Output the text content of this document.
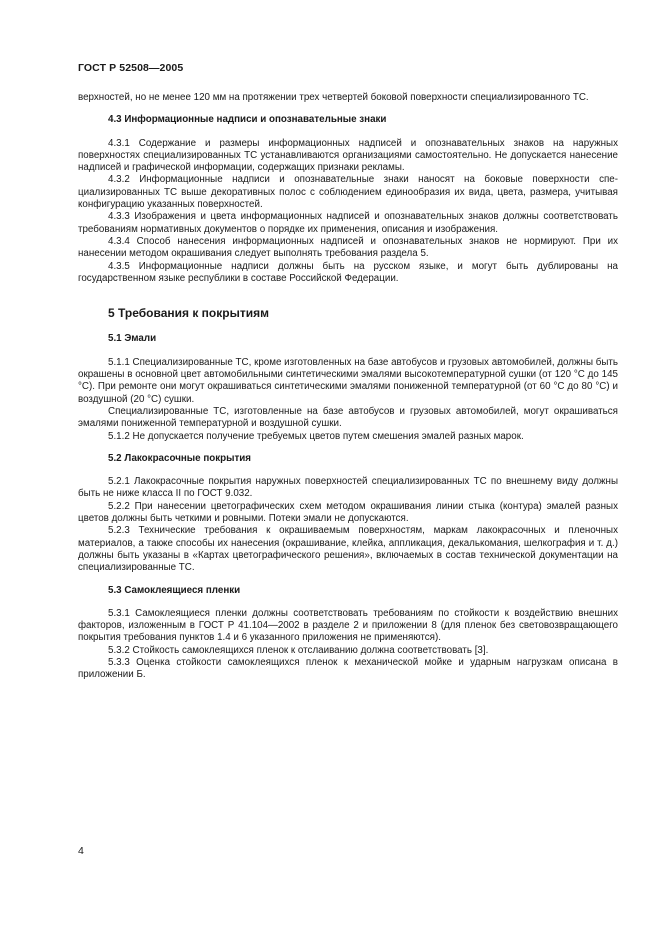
ГОСТ Р 52508—2005

верхностей, но не менее 120 мм на протяжении трех четвертей боковой поверхности специализированного ТС.

4.3 Информационные надписи и опознавательные знаки

4.3.1 Содержание и размеры информационных надписей и опознавательных знаков на наружных поверхностях специализированных ТС устанавливаются организациями самостоятельно. Не допускается нанесение надписей и графической информации, содержащих признаки рекламы.

4.3.2 Информационные надписи и опознавательные знаки наносят на боковые поверхности специализированных ТС выше декоративных полос с соблюдением единообразия их вида, цвета, размера, учитывая конфигурацию указанных поверхностей.

4.3.3 Изображения и цвета информационных надписей и опознавательных знаков должны соответствовать требованиям нормативных документов о порядке их применения, описания и изображения.

4.3.4 Способ нанесения информационных надписей и опознавательных знаков не нормируют. При их нанесении методом окрашивания следует выполнять требования раздела 5.

4.3.5 Информационные надписи должны быть на русском языке, и могут быть дублированы на государственном языке республики в составе Российской Федерации.

5 Требования к покрытиям
5.1 Эмали

5.1.1 Специализированные ТС, кроме изготовленных на базе автобусов и грузовых автомобилей, должны быть окрашены в основной цвет автомобильными синтетическими эмалями высокотемпературной сушки (от 120 °С до 145 °С). При ремонте они могут окрашиваться синтетическими эмалями пониженной температурной (от 60 °С до 80 °С) и воздушной (20 °С) сушки.

Специализированные ТС, изготовленные на базе автобусов и грузовых автомобилей, могут окрашиваться эмалями пониженной температурной и воздушной сушки.

5.1.2 Не допускается получение требуемых цветов путем смешения эмалей разных марок.

5.2 Лакокрасочные покрытия

5.2.1 Лакокрасочные покрытия наружных поверхностей специализированных ТС по внешнему виду должны быть не ниже класса II по ГОСТ 9.032.

5.2.2 При нанесении цветографических схем методом окрашивания линии стыка (контура) эмалей разных цветов должны быть четкими и ровными. Потеки эмали не допускаются.

5.2.3 Технические требования к окрашиваемым поверхностям, маркам лакокрасочных и пленочных материалов, а также способы их нанесения (окрашивание, клейка, аппликация, декалькомания, шелкография и т. д.) должны быть указаны в «Картах цветографического решения», включаемых в состав технической документации на специализированные ТС.

5.3 Самоклеящиеся пленки

5.3.1 Самоклеящиеся пленки должны соответствовать требованиям по стойкости к воздействию внешних факторов, изложенным в ГОСТ Р 41.104—2002 в разделе 2 и приложении 8 (для пленок без световозвращающего покрытия требования пунктов 1.4 и 6 указанного приложения не применяются).

5.3.2 Стойкость самоклеящихся пленок к отслаиванию должна соответствовать [3].

5.3.3 Оценка стойкости самоклеящихся пленок к механической мойке и ударным нагрузкам описана в приложении Б.

4
